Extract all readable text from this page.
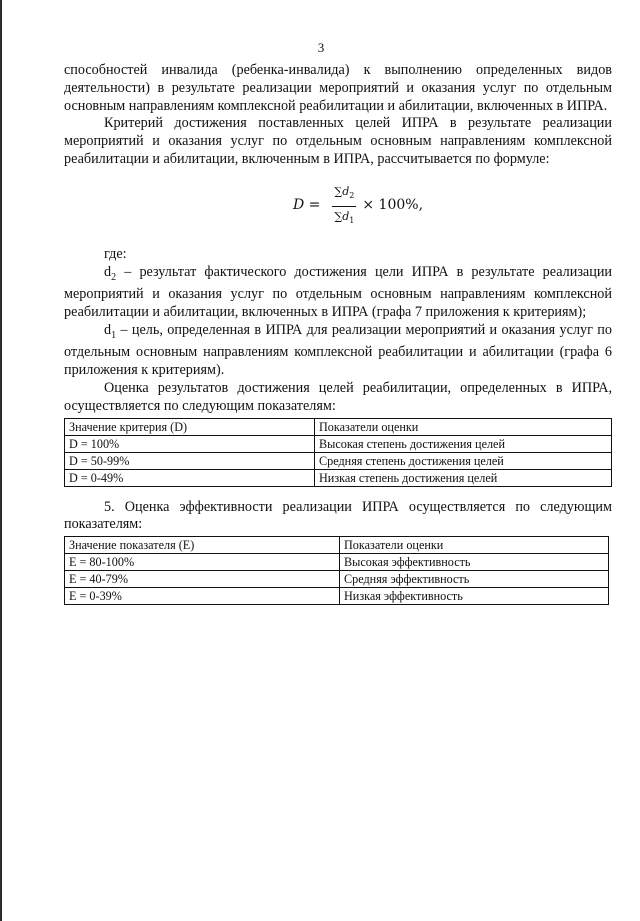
3

способностей инвалида (ребенка-инвалида) к выполнению определенных видов деятельности) в результате реализации мероприятий и оказания услуг по отдельным основным направлениям комплексной реабилитации и абилитации, включенных в ИПРА.

Критерий достижения поставленных целей ИПРА в результате реализации мероприятий и оказания услуг по отдельным основным направлениям комплексной реабилитации и абилитации, включенным в ИПРА, рассчитывается по формуле:

D =	$\frac{\sum d_2}{\sum d_1} \times 100\%$,

где:

$d_2$ – результат фактического достижения цели ИПРА в результате реализации мероприятий и оказания услуг по отдельным основным направлениям комплексной реабилитации и абилитации, включенных в ИПРА (графа 7 приложения к критериям);

$d_1$ – цель, определенная в ИПРА для реализации мероприятий и оказания услуг по отдельным основным направлениям комплексной реабилитации и абилитации (графа 6 приложения к критериям).

Оценка результатов достижения целей реабилитации, определенных в ИПРА, осуществляется по следующим показателям:

Значение критерия (D)	Показатели оценки
D = 100%	Высокая степень достижения целей
D = 50-99%	Средняя степень достижения целей
D = 0-49%	Низкая степень достижения целей

5. Оценка эффективности реализации ИПРА осуществляется по следующим показателям:

Значение показателя (E)	Показатели оценки
E = 80-100%	Высокая эффективность
E = 40-79%	Средняя эффективность
E = 0-39%	Низкая эффективность
